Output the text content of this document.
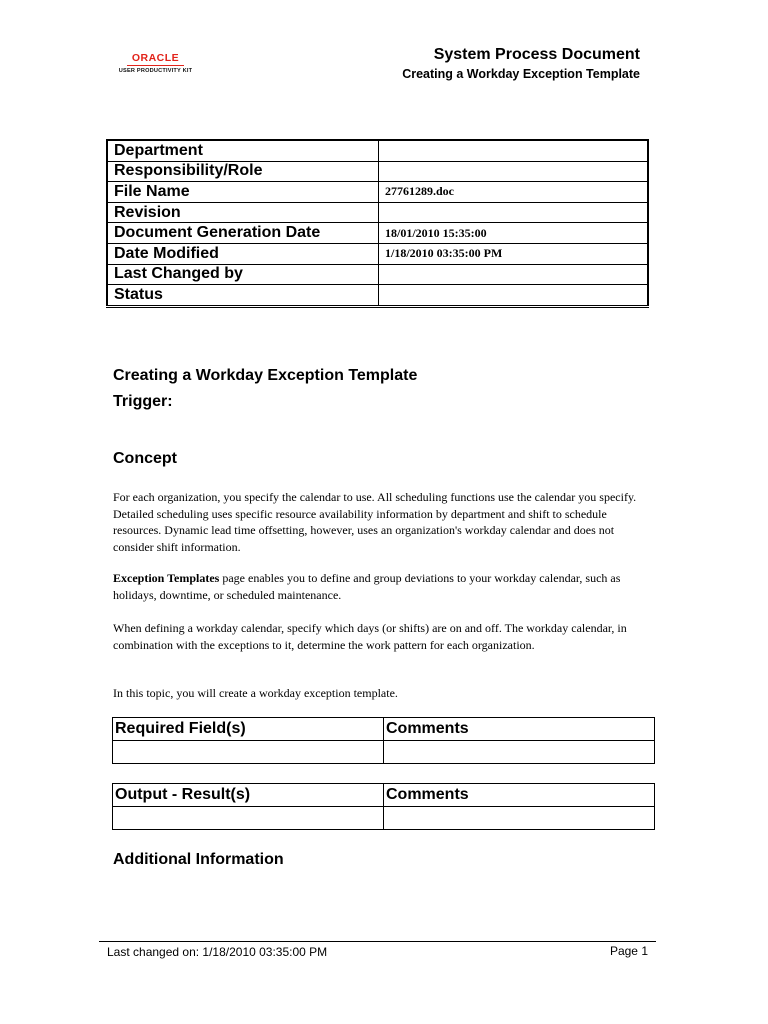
ORACLE
USER PRODUCTIVITY KIT
System Process Document
Creating a Workday Exception Template
Department	
Responsibility/Role	
File Name	27761289.doc
Revision	
Document Generation Date	18/01/2010 15:35:00
Date Modified	1/18/2010 03:35:00 PM
Last Changed by	
Status	
Creating a Workday Exception Template
Trigger:
Concept
For each organization, you specify the calendar to use. All scheduling functions use the calendar you specify. Detailed scheduling uses specific resource availability information by department and shift to schedule resources. Dynamic lead time offsetting, however, uses an organization's workday calendar and does not consider shift information.
Exception Templates page enables you to define and group deviations to your workday calendar, such as holidays, downtime, or scheduled maintenance.
When defining a workday calendar, specify which days (or shifts) are on and off. The workday calendar, in combination with the exceptions to it, determine the work pattern for each organization.
In this topic, you will create a workday exception template.
Required Field(s)	Comments

Output - Result(s)	Comments

Additional Information
Last changed on: 1/18/2010 03:35:00 PM	Page 1
